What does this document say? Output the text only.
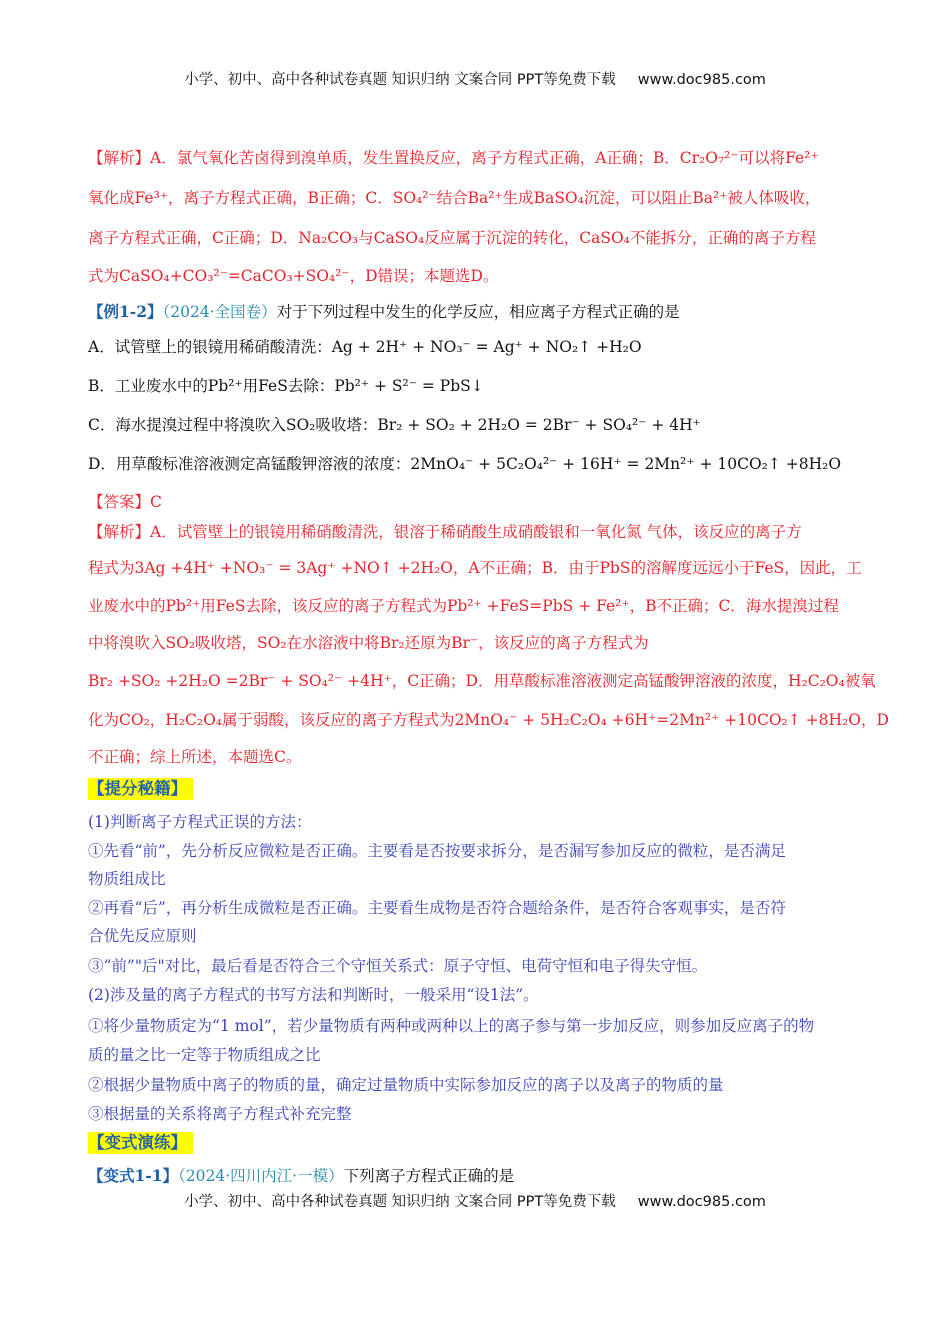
小学、初中、高中各种试卷真题 知识归纳 文案合同 PPT等免费下载 www.doc985.com
【解析】A．氯气氧化苦卤得到溴单质，发生置换反应，离子方程式正确，A正确；B．Cr₂O₇²⁻可以将Fe²⁺
氧化成Fe³⁺，离子方程式正确，B正确；C．SO₄²⁻结合Ba²⁺生成BaSO₄沉淀，可以阻止Ba²⁺被人体吸收，
离子方程式正确，C正确；D．Na₂CO₃与CaSO₄反应属于沉淀的转化，CaSO₄不能拆分，正确的离子方程
式为CaSO₄+CO₃²⁻=CaCO₃+SO₄²⁻，D错误；本题选D。
【例1-2】（2024·全国卷）对于下列过程中发生的化学反应，相应离子方程式正确的是
A．试管壁上的银镜用稀硝酸清洗：Ag + 2H⁺ + NO₃⁻ = Ag⁺ + NO₂↑ +H₂O
B．工业废水中的Pb²⁺用FeS去除：Pb²⁺ + S²⁻ = PbS↓
C．海水提溴过程中将溴吹入SO₂吸收塔：Br₂ + SO₂ + 2H₂O = 2Br⁻ + SO₄²⁻ + 4H⁺
D．用草酸标准溶液测定高锰酸钾溶液的浓度：2MnO₄⁻ + 5C₂O₄²⁻ + 16H⁺ = 2Mn²⁺ + 10CO₂↑ +8H₂O
【答案】C
【解析】A．试管壁上的银镜用稀硝酸清洗，银溶于稀硝酸生成硝酸银和一氧化氮 气体，该反应的离子方
程式为3Ag +4H⁺ +NO₃⁻ = 3Ag⁺ +NO↑ +2H₂O，A不正确；B．由于PbS的溶解度远远小于FeS，因此，工
业废水中的Pb²⁺用FeS去除，该反应的离子方程式为Pb²⁺ +FeS=PbS + Fe²⁺，B不正确；C．海水提溴过程
中将溴吹入SO₂吸收塔，SO₂在水溶液中将Br₂还原为Br⁻，该反应的离子方程式为
Br₂ +SO₂ +2H₂O =2Br⁻ + SO₄²⁻ +4H⁺，C正确；D．用草酸标准溶液测定高锰酸钾溶液的浓度，H₂C₂O₄被氧
化为CO₂，H₂C₂O₄属于弱酸，该反应的离子方程式为2MnO₄⁻ + 5H₂C₂O₄ +6H⁺=2Mn²⁺ +10CO₂↑ +8H₂O，D
不正确；综上所述，本题选C。
【提分秘籍】
(1)判断离子方程式正误的方法：
①先看“前”，先分析反应微粒是否正确。主要看是否按要求拆分，是否漏写参加反应的微粒，是否满足
物质组成比
②再看“后”，再分析生成微粒是否正确。主要看生成物是否符合题给条件，是否符合客观事实，是否符
合优先反应原则
③“前”"后"对比，最后看是否符合三个守恒关系式：原子守恒、电荷守恒和电子得失守恒。
(2)涉及量的离子方程式的书写方法和判断时，一般采用“设1法”。
①将少量物质定为“1 mol”，若少量物质有两种或两种以上的离子参与第一步加反应，则参加反应离子的物
质的量之比一定等于物质组成之比
②根据少量物质中离子的物质的量，确定过量物质中实际参加反应的离子以及离子的物质的量
③根据量的关系将离子方程式补充完整
【变式演练】
【变式1-1】（2024·四川内江·一模）下列离子方程式正确的是
小学、初中、高中各种试卷真题 知识归纳 文案合同 PPT等免费下载 www.doc985.com
